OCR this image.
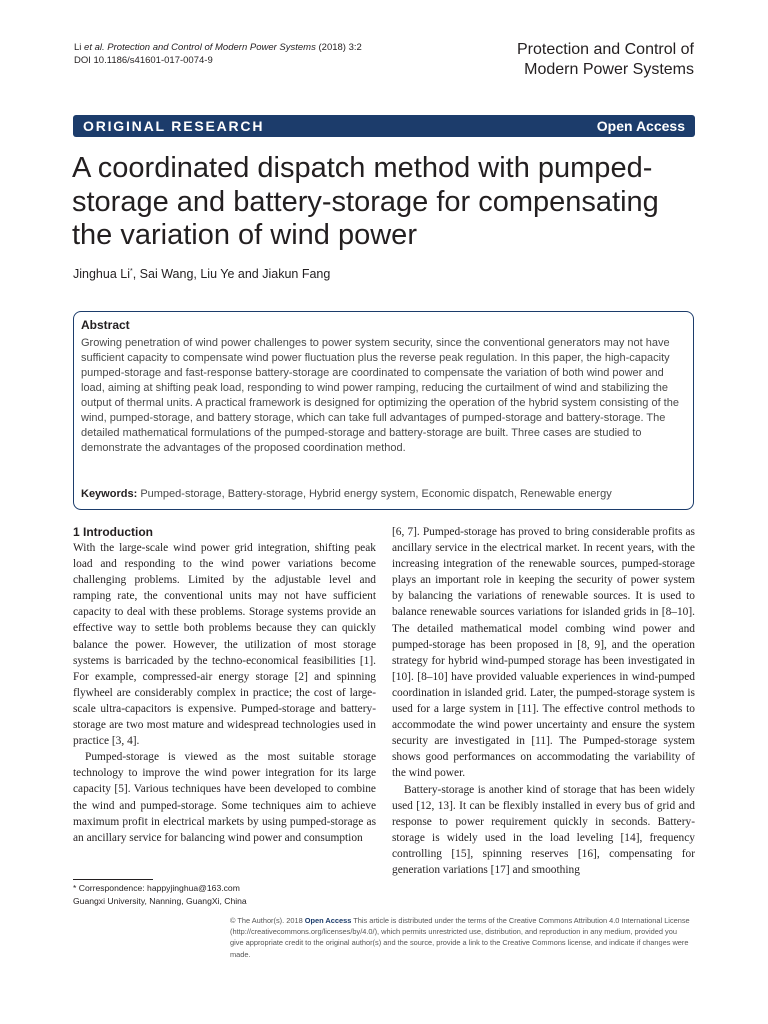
Li et al. Protection and Control of Modern Power Systems (2018) 3:2
DOI 10.1186/s41601-017-0074-9
Protection and Control of
Modern Power Systems
ORIGINAL RESEARCH	Open Access
A coordinated dispatch method with pumped-storage and battery-storage for compensating the variation of wind power
Jinghua Li*, Sai Wang, Liu Ye and Jiakun Fang
Abstract

Growing penetration of wind power challenges to power system security, since the conventional generators may not have sufficient capacity to compensate wind power fluctuation plus the reverse peak regulation. In this paper, the high-capacity pumped-storage and fast-response battery-storage are coordinated to compensate the variation of both wind power and load, aiming at shifting peak load, responding to wind power ramping, reducing the curtailment of wind and stabilizing the output of thermal units. A practical framework is designed for optimizing the operation of the hybrid system consisting of the wind, pumped-storage, and battery storage, which can take full advantages of pumped-storage and battery-storage. The detailed mathematical formulations of the pumped-storage and battery-storage are built. Three cases are studied to demonstrate the advantages of the proposed coordination method.

Keywords: Pumped-storage, Battery-storage, Hybrid energy system, Economic dispatch, Renewable energy
1 Introduction

With the large-scale wind power grid integration, shifting peak load and responding to the wind power variations become challenging problems. Limited by the adjustable level and ramping rate, the conventional units may not have sufficient capacity to deal with these problems. Storage systems provide an effective way to settle both problems because they can quickly balance the power. However, the utilization of most storage systems is barricaded by the techno-economical feasibilities [1]. For example, compressed-air energy storage [2] and spinning flywheel are considerably complex in practice; the cost of large-scale ultra-capacitors is expensive. Pumped-storage and battery-storage are two most mature and widespread technologies used in practice [3, 4].

Pumped-storage is viewed as the most suitable storage technology to improve the wind power integration for its large capacity [5]. Various techniques have been developed to combine the wind and pumped-storage. Some techniques aim to achieve maximum profit in electrical markets by using pumped-storage as an ancillary service for balancing wind power and consumption

[6, 7]. Pumped-storage has proved to bring considerable profits as ancillary service in the electrical market. In recent years, with the increasing integration of the renewable sources, pumped-storage plays an important role in keeping the security of power system by balancing the variations of renewable sources. It is used to balance renewable sources variations for islanded grids in [8–10]. The detailed mathematical model combing wind power and pumped-storage has been proposed in [8, 9], and the operation strategy for hybrid wind-pumped storage has been investigated in [10]. [8–10] have provided valuable experiences in wind-pumped coordination in islanded grid. Later, the pumped-storage system is used for a large system in [11]. The effective control methods to accommodate the wind power uncertainty and ensure the system security are investigated in [11]. The Pumped-storage system shows good performances on accommodating the variability of the wind power.

Battery-storage is another kind of storage that has been widely used [12, 13]. It can be flexibly installed in every bus of grid and response to power requirement quickly in seconds. Battery-storage is widely used in the load leveling [14], frequency controlling [15], spinning reserves [16], compensating for generation variations [17] and smoothing

* Correspondence: happyjinghua@163.com
Guangxi University, Nanning, GuangXi, China
© The Author(s). 2018 Open Access This article is distributed under the terms of the Creative Commons Attribution 4.0 International License (http://creativecommons.org/licenses/by/4.0/), which permits unrestricted use, distribution, and reproduction in any medium, provided you give appropriate credit to the original author(s) and the source, provide a link to the Creative Commons license, and indicate if changes were made.
